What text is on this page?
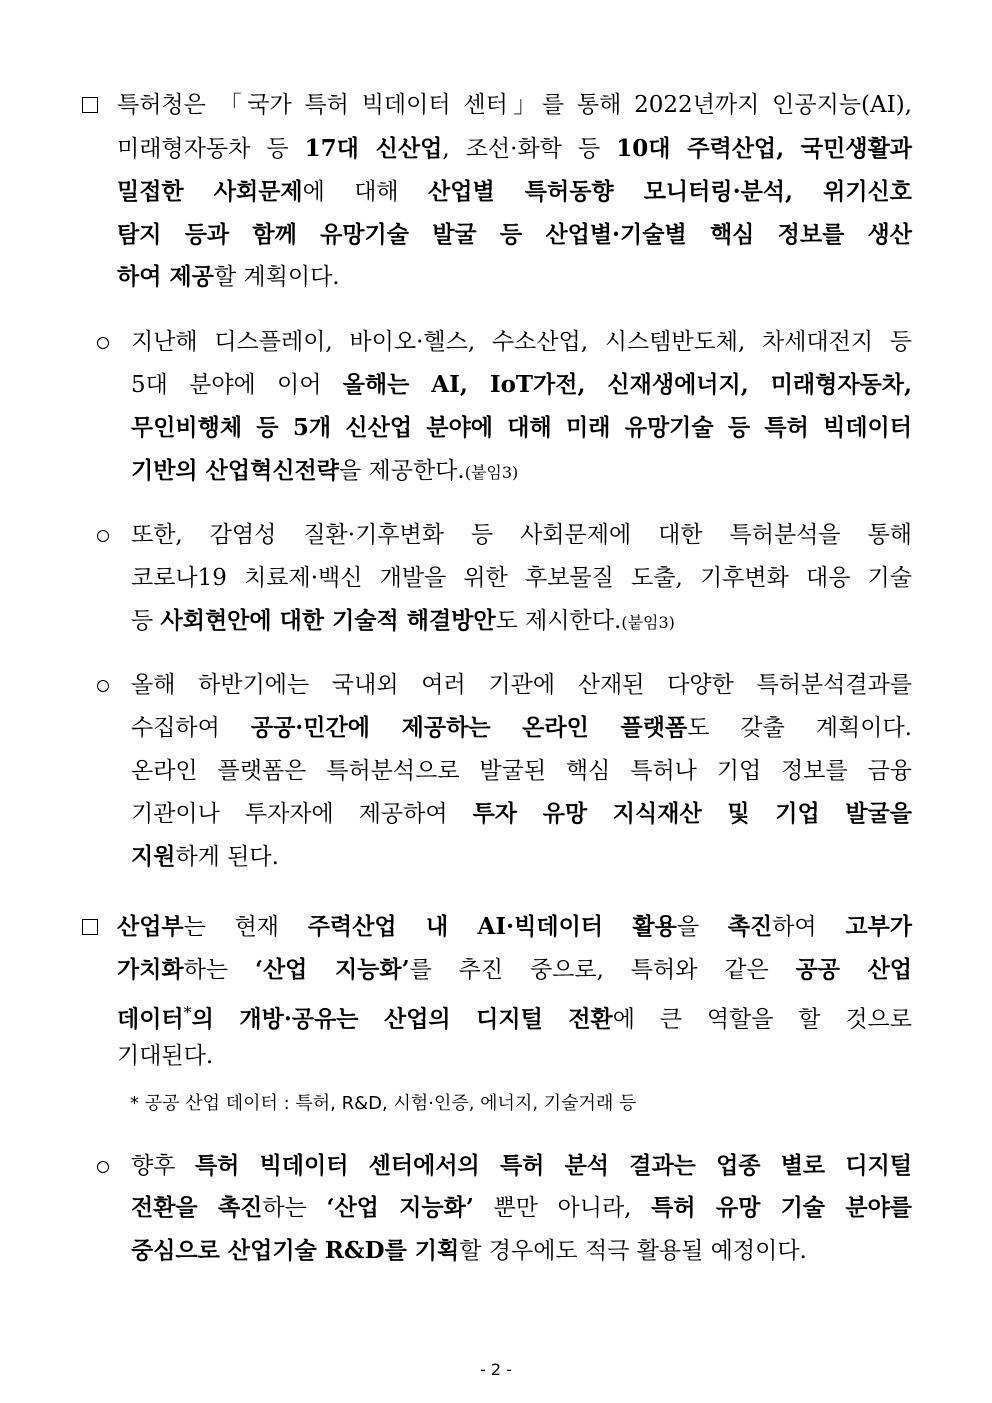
특허청은 「국가 특허 빅데이터 센터」를 통해 2022년까지 인공지능(AI),
미래형자동차 등 17대 신산업, 조선·화학 등 10대 주력산업, 국민생활과
밀접한 사회문제에 대해 산업별 특허동향 모니터링·분석, 위기신호
탐지 등과 함께 유망기술 발굴 등 산업별·기술별 핵심 정보를 생산
하여 제공할 계획이다.
지난해 디스플레이, 바이오·헬스, 수소산업, 시스템반도체, 차세대전지 등
5대 분야에 이어 올해는 AI, IoT가전, 신재생에너지, 미래형자동차,
무인비행체 등 5개 신산업 분야에 대해 미래 유망기술 등 특허 빅데이터
기반의 산업혁신전략을 제공한다.(붙임3)
또한, 감염성 질환·기후변화 등 사회문제에 대한 특허분석을 통해
코로나19 치료제·백신 개발을 위한 후보물질 도출, 기후변화 대응 기술
등 사회현안에 대한 기술적 해결방안도 제시한다.(붙임3)
올해 하반기에는 국내외 여러 기관에 산재된 다양한 특허분석결과를
수집하여 공공·민간에 제공하는 온라인 플랫폼도 갖출 계획이다.
온라인 플랫폼은 특허분석으로 발굴된 핵심 특허나 기업 정보를 금융
기관이나 투자자에 제공하여 투자 유망 지식재산 및 기업 발굴을
지원하게 된다.
산업부는 현재 주력산업 내 AI·빅데이터 활용을 촉진하여 고부가
가치화하는 ‘산업 지능화’를 추진 중으로, 특허와 같은 공공 산업
데이터*의 개방·공유는 산업의 디지털 전환에 큰 역할을 할 것으로
기대된다.
* 공공 산업 데이터 : 특허, R&D, 시험·인증, 에너지, 기술거래 등
향후 특허 빅데이터 센터에서의 특허 분석 결과는 업종 별로 디지털
전환을 촉진하는 ‘산업 지능화’ 뿐만 아니라, 특허 유망 기술 분야를
중심으로 산업기술 R&D를 기획할 경우에도 적극 활용될 예정이다.
- 2 -
